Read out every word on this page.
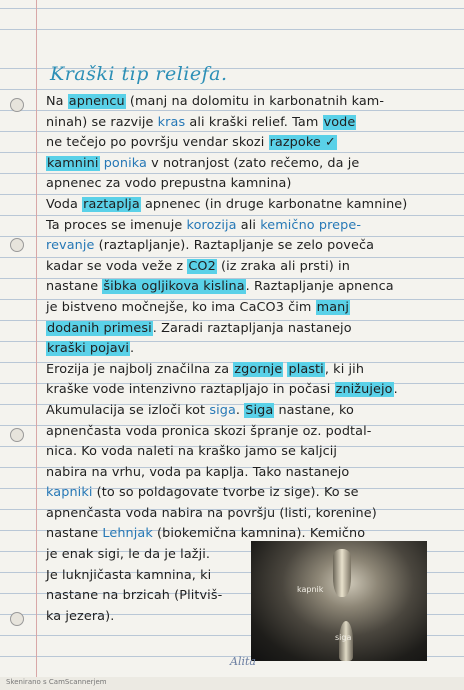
Kraški tip reliefa.
Na apnencu (manj na dolomitu in karbonatnih kam-
ninah) se razvije kras ali kraški relief. Tam vode
ne tečejo po površju vendar skozi razpoke ✓
kamnini ponika v notranjost (zato rečemo, da je
apnenec za vodo prepustna kamnina)
Voda raztaplja apnenec (in druge karbonatne kamnine)
Ta proces se imenuje korozija ali kemično prepe-
revanje (raztapljanje). Raztapljanje se zelo poveča
kadar se voda veže z CO2 (iz zraka ali prsti) in
nastane šibka ogljikova kislina. Raztapljanje apnenca
je bistveno močnejše, ko ima CaCO3 čim manj
dodanih primesi. Zaradi raztapljanja nastanejo
kraški pojavi.
Erozija je najbolj značilna za zgornje plasti, ki jih
kraške vode intenzivno raztapljajo in počasi znižujejo.
Akumulacija se izloči kot siga. Siga nastane, ko
apnenčasta voda pronica skozi špranje oz. podtal-
nica. Ko voda naleti na kraško jamo se kaljcij
nabira na vrhu, voda pa kaplja. Tako nastanejo
kapniki (to so poldagovate tvorbe iz sige). Ko se
apnenčasta voda nabira na površju (listi, koreninе)
nastane Lehnjak (biokemična kamnina). Kemično
je enak sigi, le da je lažji.
Je luknjičasta kamnina, ki
nastane na brzicah (Plitviš-
ka jezera).
kapnik
siga
Alita
Skenirano s CamScannerjem
